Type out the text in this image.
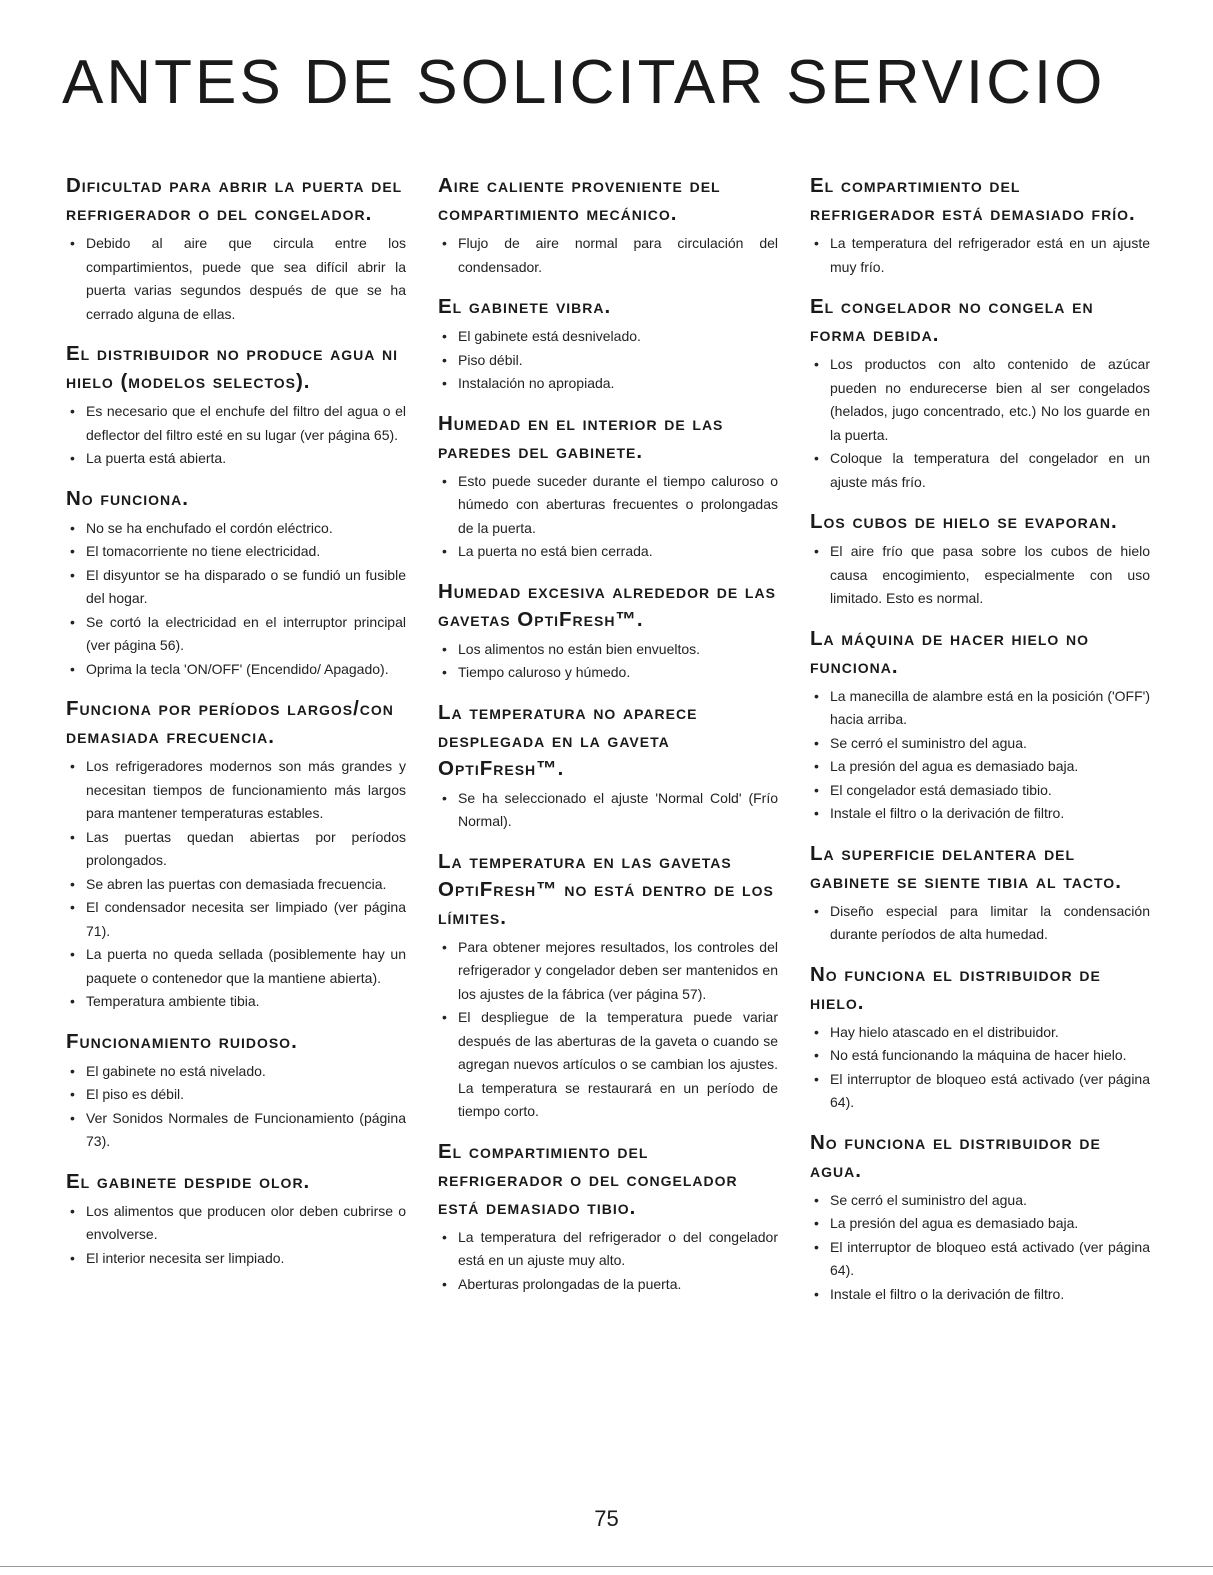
ANTES DE SOLICITAR SERVICIO
Dificultad para abrir la puerta del refrigerador o del congelador.
• Debido al aire que circula entre los compartimientos, puede que sea difícil abrir la puerta varias segundos después de que se ha cerrado alguna de ellas.
El distribuidor no produce agua ni hielo (modelos selectos).
• Es necesario que el enchufe del filtro del agua o el deflector del filtro esté en su lugar (ver página 65).
• La puerta está abierta.
No funciona.
• No se ha enchufado el cordón eléctrico.
• El tomacorriente no tiene electricidad.
• El disyuntor se ha disparado o se fundió un fusible del hogar.
• Se cortó la electricidad en el interruptor principal (ver página 56).
• Oprima la tecla 'ON/OFF' (Encendido/ Apagado).
Funciona por períodos largos/con demasiada frecuencia.
• Los refrigeradores modernos son más grandes y necesitan tiempos de funcionamiento más largos para mantener temperaturas estables.
• Las puertas quedan abiertas por períodos prolongados.
• Se abren las puertas con demasiada frecuencia.
• El condensador necesita ser limpiado (ver página 71).
• La puerta no queda sellada (posiblemente hay un paquete o contenedor que la mantiene abierta).
• Temperatura ambiente tibia.
Funcionamiento ruidoso.
• El gabinete no está nivelado.
• El piso es débil.
• Ver Sonidos Normales de Funcionamiento (página 73).
El gabinete despide olor.
• Los alimentos que producen olor deben cubrirse o envolverse.
• El interior necesita ser limpiado.
Aire caliente proveniente del compartimiento mecánico.
• Flujo de aire normal para circulación del condensador.
El gabinete vibra.
• El gabinete está desnivelado.
• Piso débil.
• Instalación no apropiada.
Humedad en el interior de las paredes del gabinete.
• Esto puede suceder durante el tiempo caluroso o húmedo con aberturas frecuentes o prolongadas de la puerta.
• La puerta no está bien cerrada.
Humedad excesiva alrededor de las gavetas OptiFresh™.
• Los alimentos no están bien envueltos.
• Tiempo caluroso y húmedo.
La temperatura no aparece desplegada en la gaveta OptiFresh™.
• Se ha seleccionado el ajuste 'Normal Cold' (Frío Normal).
La temperatura en las gavetas OptiFresh™ no está dentro de los límites.
• Para obtener mejores resultados, los controles del refrigerador y congelador deben ser mantenidos en los ajustes de la fábrica (ver página 57).
• El despliegue de la temperatura puede variar después de las aberturas de la gaveta o cuando se agregan nuevos artículos o se cambian los ajustes. La temperatura se restaurará en un período de tiempo corto.
El compartimiento del refrigerador o del congelador está demasiado tibio.
• La temperatura del refrigerador o del congelador está en un ajuste muy alto.
• Aberturas prolongadas de la puerta.
El compartimiento del refrigerador está demasiado frío.
• La temperatura del refrigerador está en un ajuste muy frío.
El congelador no congela en forma debida.
• Los productos con alto contenido de azúcar pueden no endurecerse bien al ser congelados (helados, jugo concentrado, etc.) No los guarde en la puerta.
• Coloque la temperatura del congelador en un ajuste más frío.
Los cubos de hielo se evaporan.
• El aire frío que pasa sobre los cubos de hielo causa encogimiento, especialmente con uso limitado. Esto es normal.
La máquina de hacer hielo no funciona.
• La manecilla de alambre está en la posición ('OFF') hacia arriba.
• Se cerró el suministro del agua.
• La presión del agua es demasiado baja.
• El congelador está demasiado tibio.
• Instale el filtro o la derivación de filtro.
La superficie delantera del gabinete se siente tibia al tacto.
• Diseño especial para limitar la condensación durante períodos de alta humedad.
No funciona el distribuidor de hielo.
• Hay hielo atascado en el distribuidor.
• No está funcionando la máquina de hacer hielo.
• El interruptor de bloqueo está activado (ver página 64).
No funciona el distribuidor de agua.
• Se cerró el suministro del agua.
• La presión del agua es demasiado baja.
• El interruptor de bloqueo está activado (ver página 64).
• Instale el filtro o la derivación de filtro.
75
